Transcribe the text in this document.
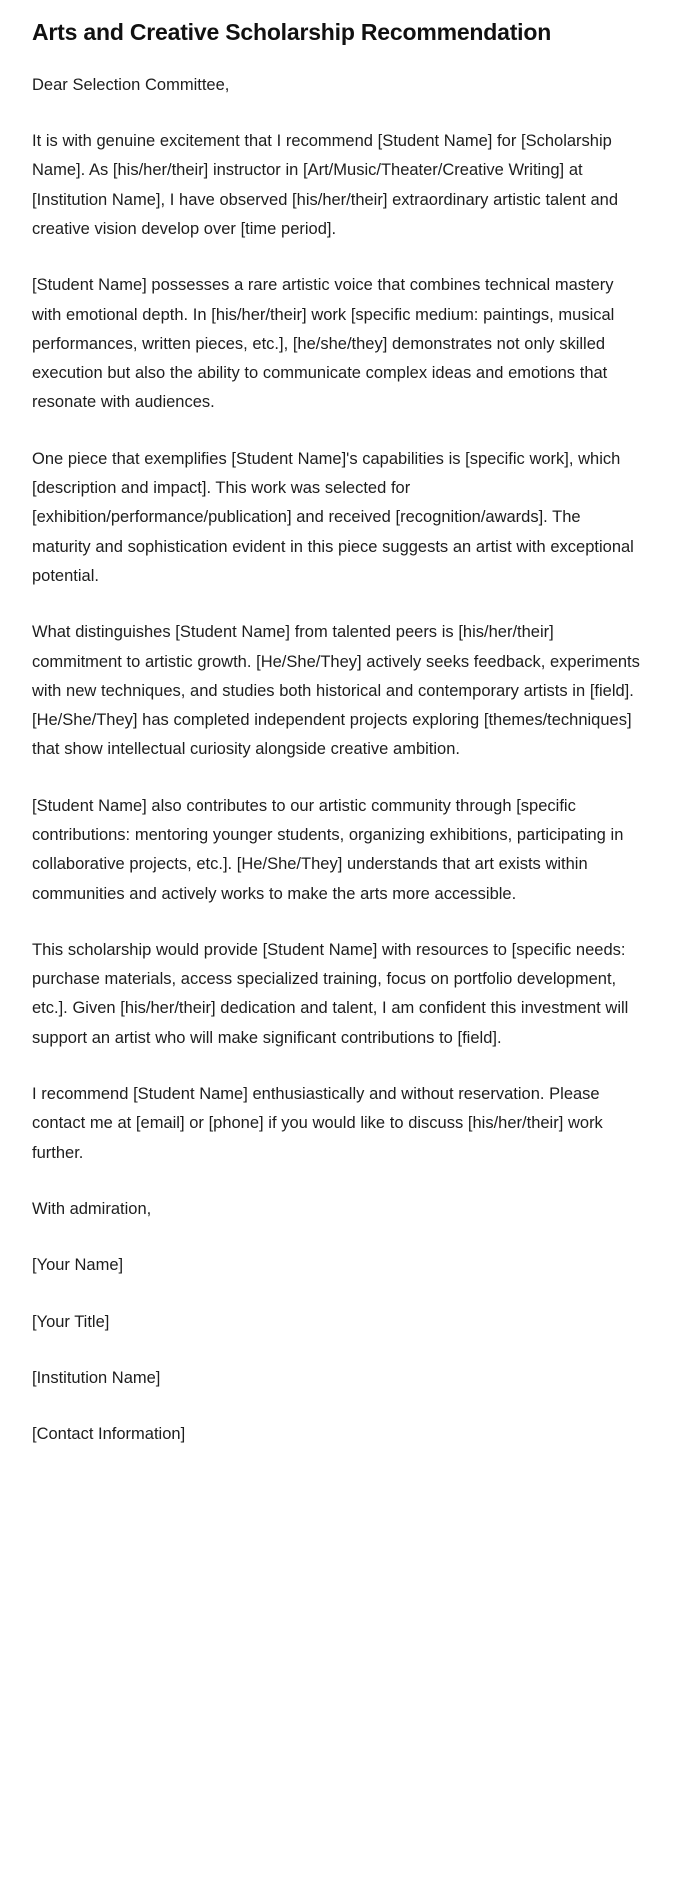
Arts and Creative Scholarship Recommendation

Dear Selection Committee,

It is with genuine excitement that I recommend [Student Name] for [Scholarship Name]. As [his/her/their] instructor in [Art/Music/Theater/Creative Writing] at [Institution Name], I have observed [his/her/their] extraordinary artistic talent and creative vision develop over [time period].

[Student Name] possesses a rare artistic voice that combines technical mastery with emotional depth. In [his/her/their] work [specific medium: paintings, musical performances, written pieces, etc.], [he/she/they] demonstrates not only skilled execution but also the ability to communicate complex ideas and emotions that resonate with audiences.

One piece that exemplifies [Student Name]'s capabilities is [specific work], which [description and impact]. This work was selected for [exhibition/performance/publication] and received [recognition/awards]. The maturity and sophistication evident in this piece suggests an artist with exceptional potential.

What distinguishes [Student Name] from talented peers is [his/her/their] commitment to artistic growth. [He/She/They] actively seeks feedback, experiments with new techniques, and studies both historical and contemporary artists in [field]. [He/She/They] has completed independent projects exploring [themes/techniques] that show intellectual curiosity alongside creative ambition.

[Student Name] also contributes to our artistic community through [specific contributions: mentoring younger students, organizing exhibitions, participating in collaborative projects, etc.]. [He/She/They] understands that art exists within communities and actively works to make the arts more accessible.

This scholarship would provide [Student Name] with resources to [specific needs: purchase materials, access specialized training, focus on portfolio development, etc.]. Given [his/her/their] dedication and talent, I am confident this investment will support an artist who will make significant contributions to [field].

I recommend [Student Name] enthusiastically and without reservation. Please contact me at [email] or [phone] if you would like to discuss [his/her/their] work further.

With admiration,

[Your Name]

[Your Title]

[Institution Name]

[Contact Information]
